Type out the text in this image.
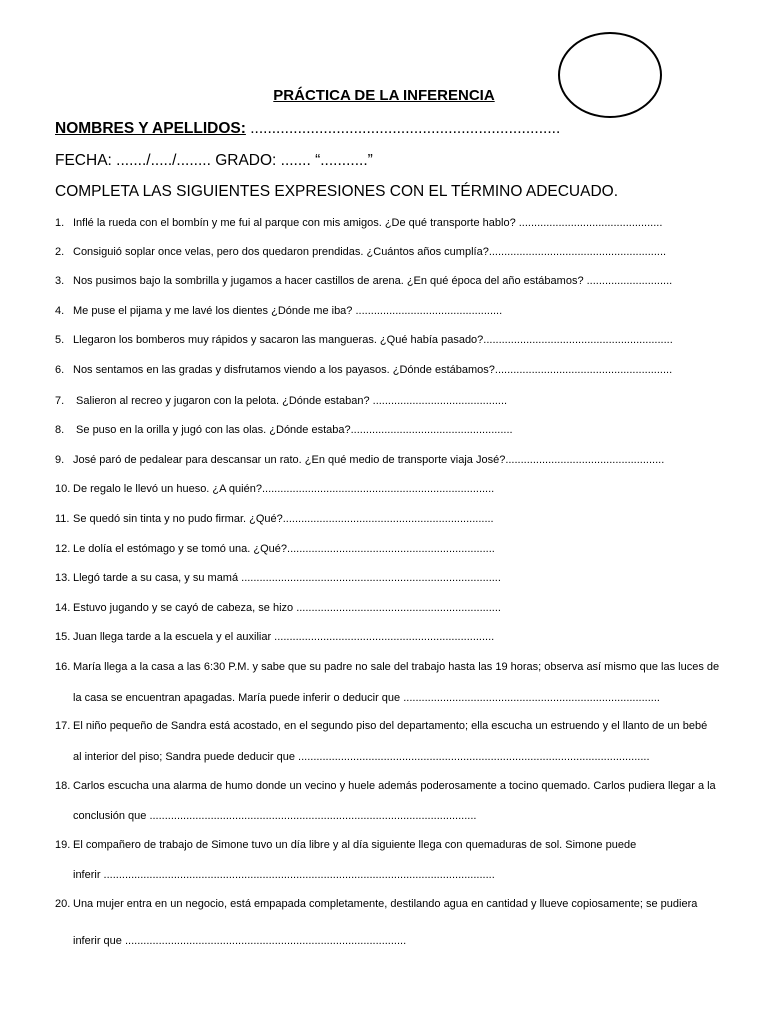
PRÁCTICA DE LA INFERENCIA
NOMBRES Y APELLIDOS: ........................................................................
FECHA: ......./...../........ GRADO: ....... “...........”
COMPLETA LAS SIGUIENTES EXPRESIONES CON EL TÉRMINO ADECUADO.
1. Inflé la rueda con el bombín y me fui al parque con mis amigos. ¿De qué transporte hablo? ...............................................
2. Consiguió soplar once velas, pero dos quedaron prendidas. ¿Cuántos años cumplía?..........................................................
3. Nos pusimos bajo la sombrilla y jugamos a hacer castillos de arena. ¿En qué época del año estábamos? ............................
4. Me puse el pijama y me lavé los dientes ¿Dónde me iba? ................................................
5. Llegaron los bomberos muy rápidos y sacaron las mangueras. ¿Qué había pasado?..............................................................
6. Nos sentamos en las gradas y disfrutamos viendo a los payasos. ¿Dónde estábamos?..........................................................
7. Salieron al recreo y jugaron con la pelota. ¿Dónde estaban? ............................................
8. Se puso en la orilla y jugó con las olas. ¿Dónde estaba?.....................................................
9. José paró de pedalear para descansar un rato. ¿En qué medio de transporte viaja José?....................................................
10. De regalo le llevó un hueso. ¿A quién?............................................................................
11. Se quedó sin tinta y no pudo firmar. ¿Qué?.....................................................................
12. Le dolía el estómago y se tomó una. ¿Qué?....................................................................
13. Llegó tarde a su casa, y su mamá .....................................................................................
14. Estuvo jugando y se cayó de cabeza, se hizo ...................................................................
15. Juan llega tarde a la escuela y el auxiliar ........................................................................
16. María llega a la casa a las 6:30 P.M. y sabe que su padre no sale del trabajo hasta las 19 horas; observa así mismo que las luces de
la casa se encuentran apagadas. María puede inferir o deducir que ....................................................................................
17. El niño pequeño de Sandra está acostado, en el segundo piso del departamento; ella escucha un estruendo y el llanto de un bebé
al interior del piso; Sandra puede deducir que ...................................................................................................................
18. Carlos escucha una alarma de humo donde un vecino y huele además poderosamente a tocino quemado. Carlos pudiera llegar a la
conclusión que ...........................................................................................................
19. El compañero de trabajo de Simone tuvo un día libre y al día siguiente llega con quemaduras de sol. Simone puede
inferir ................................................................................................................................
20. Una mujer entra en un negocio, está empapada completamente, destilando agua en cantidad y llueve copiosamente; se pudiera
inferir que ............................................................................................
